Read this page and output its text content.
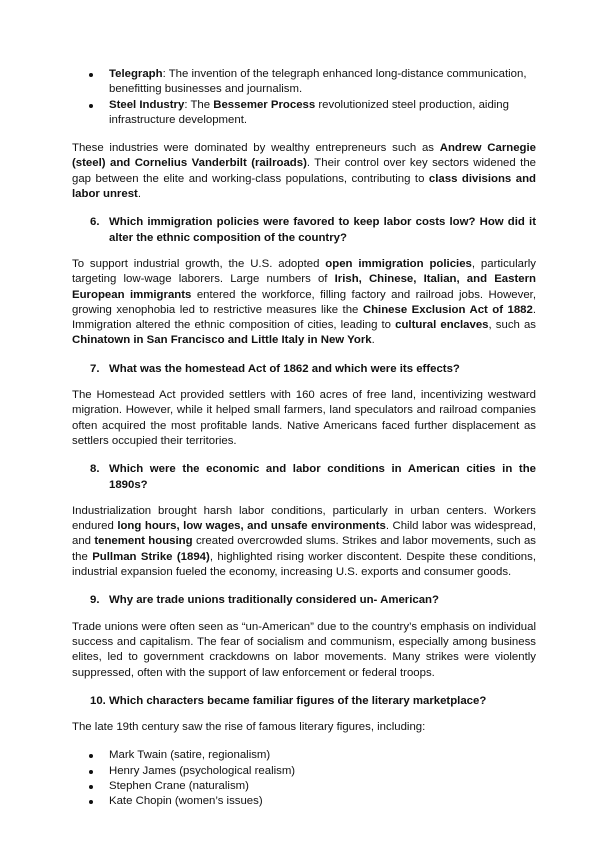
Telegraph: The invention of the telegraph enhanced long-distance communication, benefitting businesses and journalism.
Steel Industry: The Bessemer Process revolutionized steel production, aiding infrastructure development.

These industries were dominated by wealthy entrepreneurs such as Andrew Carnegie (steel) and Cornelius Vanderbilt (railroads). Their control over key sectors widened the gap between the elite and working-class populations, contributing to class divisions and labor unrest.

6. Which immigration policies were favored to keep labor costs low? How did it alter the ethnic composition of the country?

To support industrial growth, the U.S. adopted open immigration policies, particularly targeting low-wage laborers. Large numbers of Irish, Chinese, Italian, and Eastern European immigrants entered the workforce, filling factory and railroad jobs. However, growing xenophobia led to restrictive measures like the Chinese Exclusion Act of 1882. Immigration altered the ethnic composition of cities, leading to cultural enclaves, such as Chinatown in San Francisco and Little Italy in New York.

7. What was the homestead Act of 1862 and which were its effects?

The Homestead Act provided settlers with 160 acres of free land, incentivizing westward migration. However, while it helped small farmers, land speculators and railroad companies often acquired the most profitable lands. Native Americans faced further displacement as settlers occupied their territories.

8. Which were the economic and labor conditions in American cities in the 1890s?

Industrialization brought harsh labor conditions, particularly in urban centers. Workers endured long hours, low wages, and unsafe environments. Child labor was widespread, and tenement housing created overcrowded slums. Strikes and labor movements, such as the Pullman Strike (1894), highlighted rising worker discontent. Despite these conditions, industrial expansion fueled the economy, increasing U.S. exports and consumer goods.

9. Why are trade unions traditionally considered un- American?

Trade unions were often seen as “un-American” due to the country’s emphasis on individual success and capitalism. The fear of socialism and communism, especially among business elites, led to government crackdowns on labor movements. Many strikes were violently suppressed, often with the support of law enforcement or federal troops.

10. Which characters became familiar figures of the literary marketplace?

The late 19th century saw the rise of famous literary figures, including:

Mark Twain (satire, regionalism)
Henry James (psychological realism)
Stephen Crane (naturalism)
Kate Chopin (women’s issues)
